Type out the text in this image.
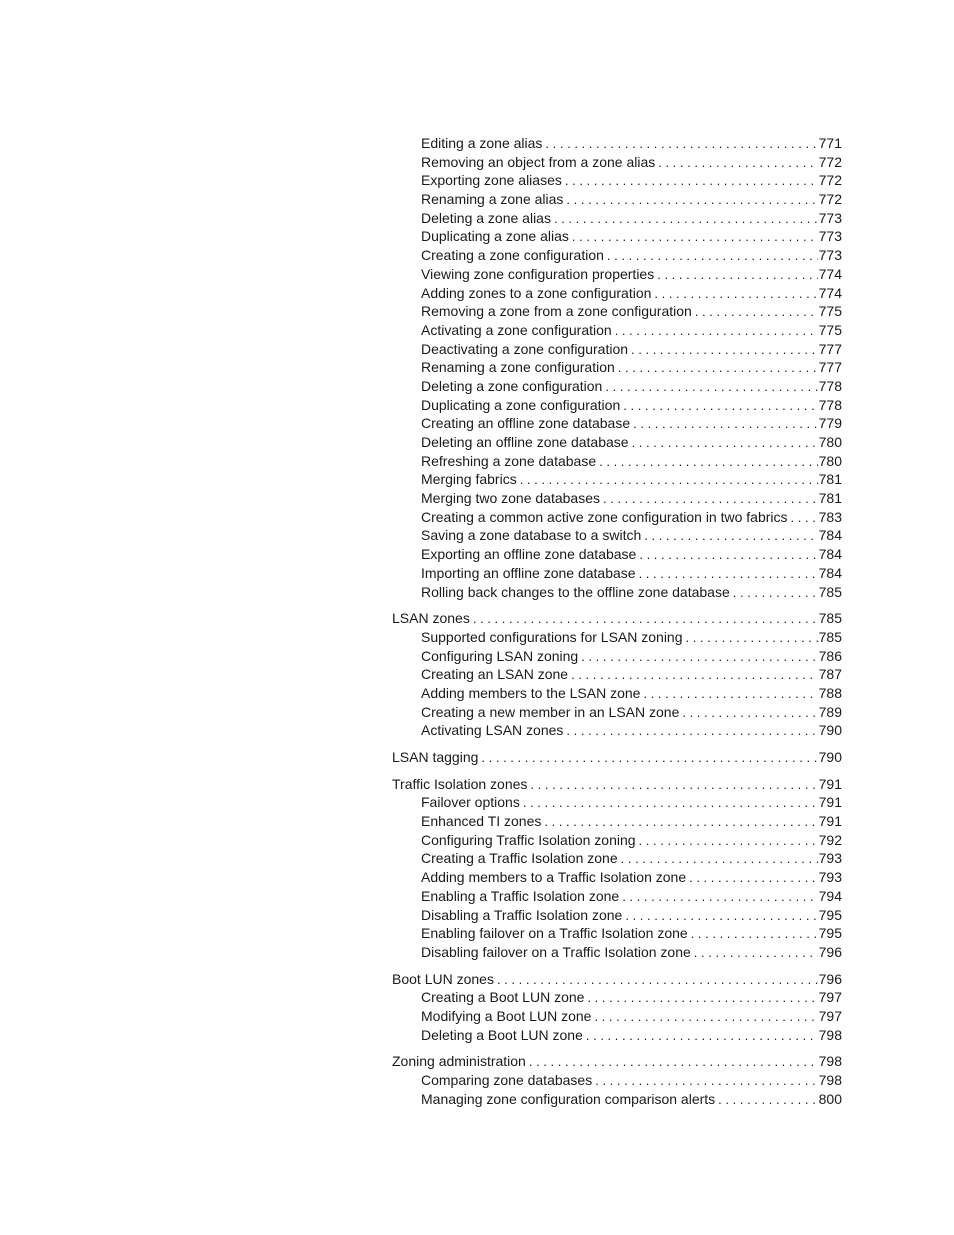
Editing a zone alias . . .	771
Removing an object from a zone alias . . .	772
Exporting zone aliases . . .	772
Renaming a zone alias . . .	772
Deleting a zone alias . . .	773
Duplicating a zone alias . . .	773
Creating a zone configuration . . .	773
Viewing zone configuration properties . . .	774
Adding zones to a zone configuration . . .	774
Removing a zone from a zone configuration . . .	775
Activating a zone configuration . . .	775
Deactivating a zone configuration . . .	777
Renaming a zone configuration . . .	777
Deleting a zone configuration . . .	778
Duplicating a zone configuration . . .	778
Creating an offline zone database . . .	779
Deleting an offline zone database . . .	780
Refreshing a zone database . . .	780
Merging fabrics . . .	781
Merging two zone databases . . .	781
Creating a common active zone configuration in two fabrics . . . 783
Saving a zone database to a switch . . .	784
Exporting an offline zone database . . .	784
Importing an offline zone database . . .	784
Rolling back changes to the offline zone database . . .	785
LSAN zones . . .	785
Supported configurations for LSAN zoning . . .	785
Configuring LSAN zoning . . .	786
Creating an LSAN zone . . .	787
Adding members to the LSAN zone . . .	788
Creating a new member in an LSAN zone . . .	789
Activating LSAN zones . . .	790
LSAN tagging . . .	790
Traffic Isolation zones . . .	791
Failover options . . .	791
Enhanced TI zones . . .	791
Configuring Traffic Isolation zoning . . .	792
Creating a Traffic Isolation zone . . .	793
Adding members to a Traffic Isolation zone . . .	793
Enabling a Traffic Isolation zone . . .	794
Disabling a Traffic Isolation zone . . .	795
Enabling failover on a Traffic Isolation zone . . .	795
Disabling failover on a Traffic Isolation zone . . .	796
Boot LUN zones . . .	796
Creating a Boot LUN zone . . .	797
Modifying a Boot LUN zone . . .	797
Deleting a Boot LUN zone . . .	798
Zoning administration . . .	798
Comparing zone databases . . .	798
Managing zone configuration comparison alerts . . .	800
